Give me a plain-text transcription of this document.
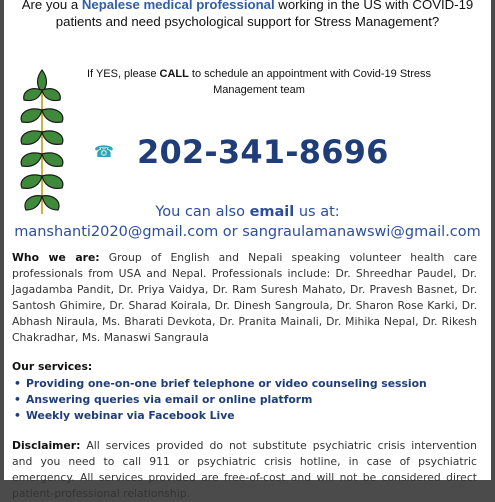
Are you a Nepalese medical professional working in the US with COVID-19
patients and need psychological support for Stress Management?
If YES, please CALL to schedule an appointment with Covid-19 Stress Management team
☎ 202-341-8696
You can also email us at:
manshanti2020@gmail.com or sangraulamanawswi@gmail.com
Who we are: Group of English and Nepali speaking volunteer health care professionals from USA and Nepal. Professionals include: Dr. Shreedhar Paudel, Dr. Jagadamba Pandit, Dr. Priya Vaidya, Dr. Ram Suresh Mahato, Dr. Pravesh Basnet, Dr. Santosh Ghimire, Dr. Sharad Koirala, Dr. Dinesh Sangroula, Dr. Sharon Rose Karki, Dr. Abhash Niraula, Ms. Bharati Devkota, Dr. Pranita Mainali, Dr. Mihika Nepal, Dr. Rikesh Chakradhar, Ms. Manaswi Sangraula
Our services:
• Providing one-on-one brief telephone or video counseling session
• Answering queries via email or online platform
• Weekly webinar via Facebook Live
Disclaimer: All services provided do not substitute psychiatric crisis intervention and you need to call 911 or psychiatric crisis hotline, in case of psychiatric emergency. All services provided are free-of-cost and will not be considered direct patient-professional relationship.
